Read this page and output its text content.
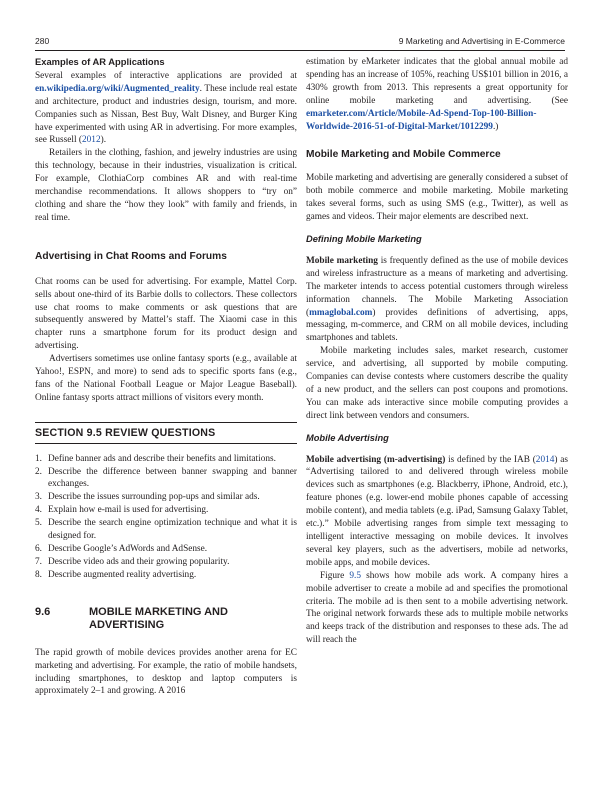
280	9 Marketing and Advertising in E-Commerce
Examples of AR Applications

Several examples of interactive applications are provided at en.wikipedia.org/wiki/Augmented_reality. These include real estate and architecture, product and industries design, tourism, and more. Companies such as Nissan, Best Buy, Walt Disney, and Burger King have experimented with using AR in advertising. For more examples, see Russell (2012).

Retailers in the clothing, fashion, and jewelry industries are using this technology, because in their industries, visualization is critical. For example, ClothiaCorp combines AR and with real-time merchandise recommendations. It allows shoppers to “try on” clothing and share the “how they look” with family and friends, in real time.

Advertising in Chat Rooms and Forums

Chat rooms can be used for advertising. For example, Mattel Corp. sells about one-third of its Barbie dolls to collectors. These collectors use chat rooms to make comments or ask questions that are subsequently answered by Mattel’s staff. The Xiaomi case in this chapter runs a smartphone forum for its product design and advertising.

Advertisers sometimes use online fantasy sports (e.g., available at Yahoo!, ESPN, and more) to send ads to specific sports fans (e.g., fans of the National Football League or Major League Baseball). Online fantasy sports attract millions of visitors every month.

SECTION 9.5 REVIEW QUESTIONS
1. Define banner ads and describe their benefits and limitations.
2. Describe the difference between banner swapping and banner exchanges.
3. Describe the issues surrounding pop-ups and similar ads.
4. Explain how e-mail is used for advertising.
5. Describe the search engine optimization technique and what it is designed for.
6. Describe Google’s AdWords and AdSense.
7. Describe video ads and their growing popularity.
8. Describe augmented reality advertising.
9.6	MOBILE MARKETING AND ADVERTISING

The rapid growth of mobile devices provides another arena for EC marketing and advertising. For example, the ratio of mobile handsets, including smartphones, to desktop and laptop computers is approximately 2–1 and growing. A 2016

estimation by eMarketer indicates that the global annual mobile ad spending has an increase of 105%, reaching US$101 billion in 2016, a 430% growth from 2013. This represents a great opportunity for online mobile marketing and advertising. (See emarketer.com/Article/Mobile-Ad-Spend-Top-100-Billion-Worldwide-2016-51-of-Digital-Market/1012299.)

Mobile Marketing and Mobile Commerce

Mobile marketing and advertising are generally considered a subset of both mobile commerce and mobile marketing. Mobile marketing takes several forms, such as using SMS (e.g., Twitter), as well as games and videos. Their major elements are described next.

Defining Mobile Marketing

Mobile marketing is frequently defined as the use of mobile devices and wireless infrastructure as a means of marketing and advertising. The marketer intends to access potential customers through wireless information channels. The Mobile Marketing Association (mmaglobal.com) provides definitions of advertising, apps, messaging, m-commerce, and CRM on all mobile devices, including smartphones and tablets.

Mobile marketing includes sales, market research, customer service, and advertising, all supported by mobile computing. Companies can devise contests where customers describe the quality of a new product, and the sellers can post coupons and promotions. You can make ads interactive since mobile computing provides a direct link between vendors and consumers.

Mobile Advertising

Mobile advertising (m-advertising) is defined by the IAB (2014) as “Advertising tailored to and delivered through wireless mobile devices such as smartphones (e.g. Blackberry, iPhone, Android, etc.), feature phones (e.g. lower-end mobile phones capable of accessing mobile content), and media tablets (e.g. iPad, Samsung Galaxy Tablet, etc.).” Mobile advertising ranges from simple text messaging to intelligent interactive messaging on mobile devices. It involves several key players, such as the advertisers, mobile ad networks, mobile apps, and mobile devices.

Figure 9.5 shows how mobile ads work. A company hires a mobile advertiser to create a mobile ad and specifies the promotional criteria. The mobile ad is then sent to a mobile advertising network. The original network forwards these ads to multiple mobile networks and keeps track of the distribution and responses to these ads. The ad will reach the
